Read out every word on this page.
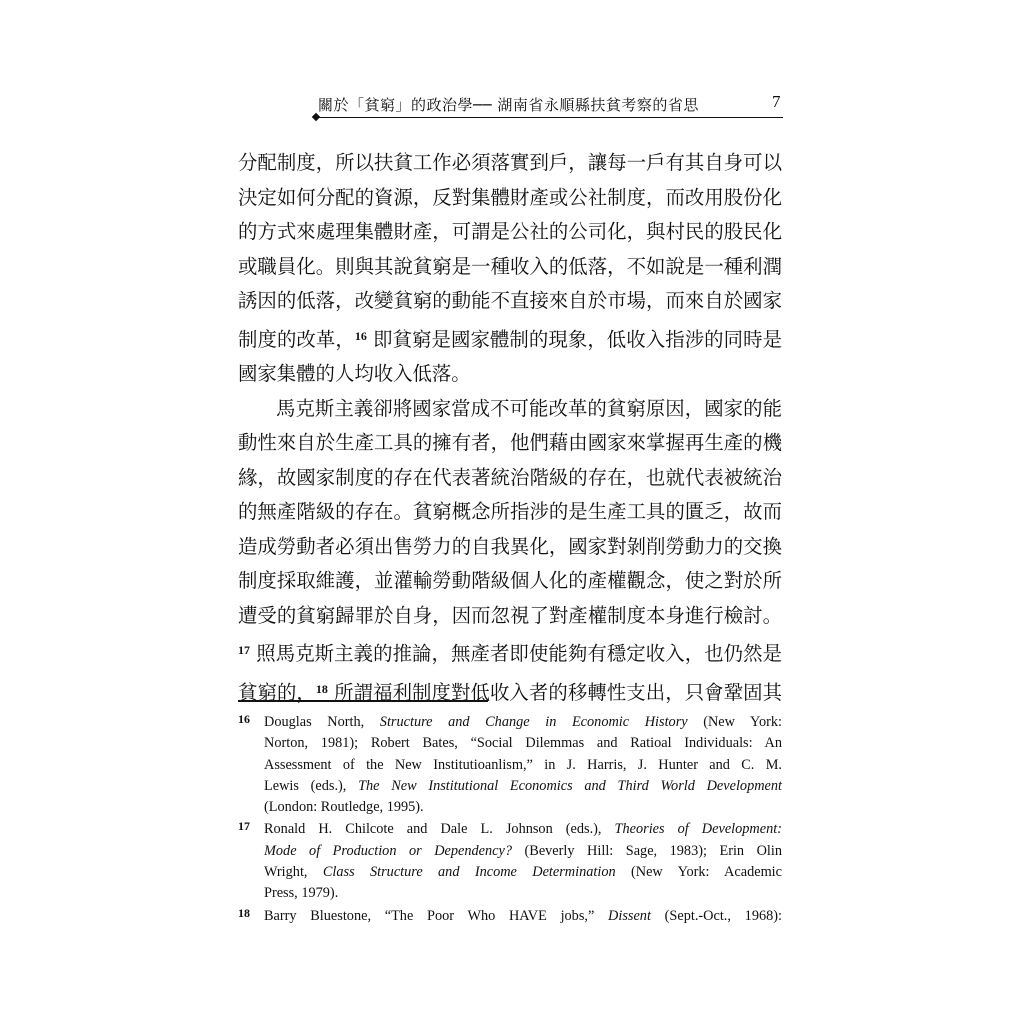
關於「貧窮」的政治學── 湖南省永順縣扶貧考察的省思	7

分配制度，所以扶貧工作必須落實到戶，讓每一戶有其自身可以
決定如何分配的資源，反對集體財產或公社制度，而改用股份化
的方式來處理集體財產，可謂是公社的公司化，與村民的股民化
或職員化。則與其說貧窮是一種收入的低落，不如說是一種利潤
誘因的低落，改變貧窮的動能不直接來自於市場，而來自於國家
制度的改革，$^{16}$ 即貧窮是國家體制的現象，低收入指涉的同時是
國家集體的人均收入低落。

馬克斯主義卻將國家當成不可能改革的貧窮原因，國家的能
動性來自於生產工具的擁有者，他們藉由國家來掌握再生產的機
緣，故國家制度的存在代表著統治階級的存在，也就代表被統治
的無產階級的存在。貧窮概念所指涉的是生產工具的匱乏，故而
造成勞動者必須出售勞力的自我異化，國家對剝削勞動力的交換
制度採取維護，並灌輸勞動階級個人化的產權觀念，使之對於所
遭受的貧窮歸罪於自身，因而忽視了對產權制度本身進行檢討。
$^{17}$ 照馬克斯主義的推論，無產者即使能夠有穩定收入，也仍然是
貧窮的，$^{18}$ 所謂福利制度對低收入者的移轉性支出，只會鞏固其

16 Douglas North, Structure and Change in Economic History (New York:
Norton, 1981); Robert Bates, “Social Dilemmas and Ratioal Individuals: An
Assessment of the New Institutioanlism,” in J. Harris, J. Hunter and C. M.
Lewis (eds.), The New Institutional Economics and Third World Development
(London: Routledge, 1995).
17 Ronald H. Chilcote and Dale L. Johnson (eds.), Theories of Development:
Mode of Production or Dependency? (Beverly Hill: Sage, 1983); Erin Olin
Wright, Class Structure and Income Determination (New York: Academic
Press, 1979).
18 Barry Bluestone, “The Poor Who HAVE jobs,” Dissent (Sept.-Oct., 1968):
